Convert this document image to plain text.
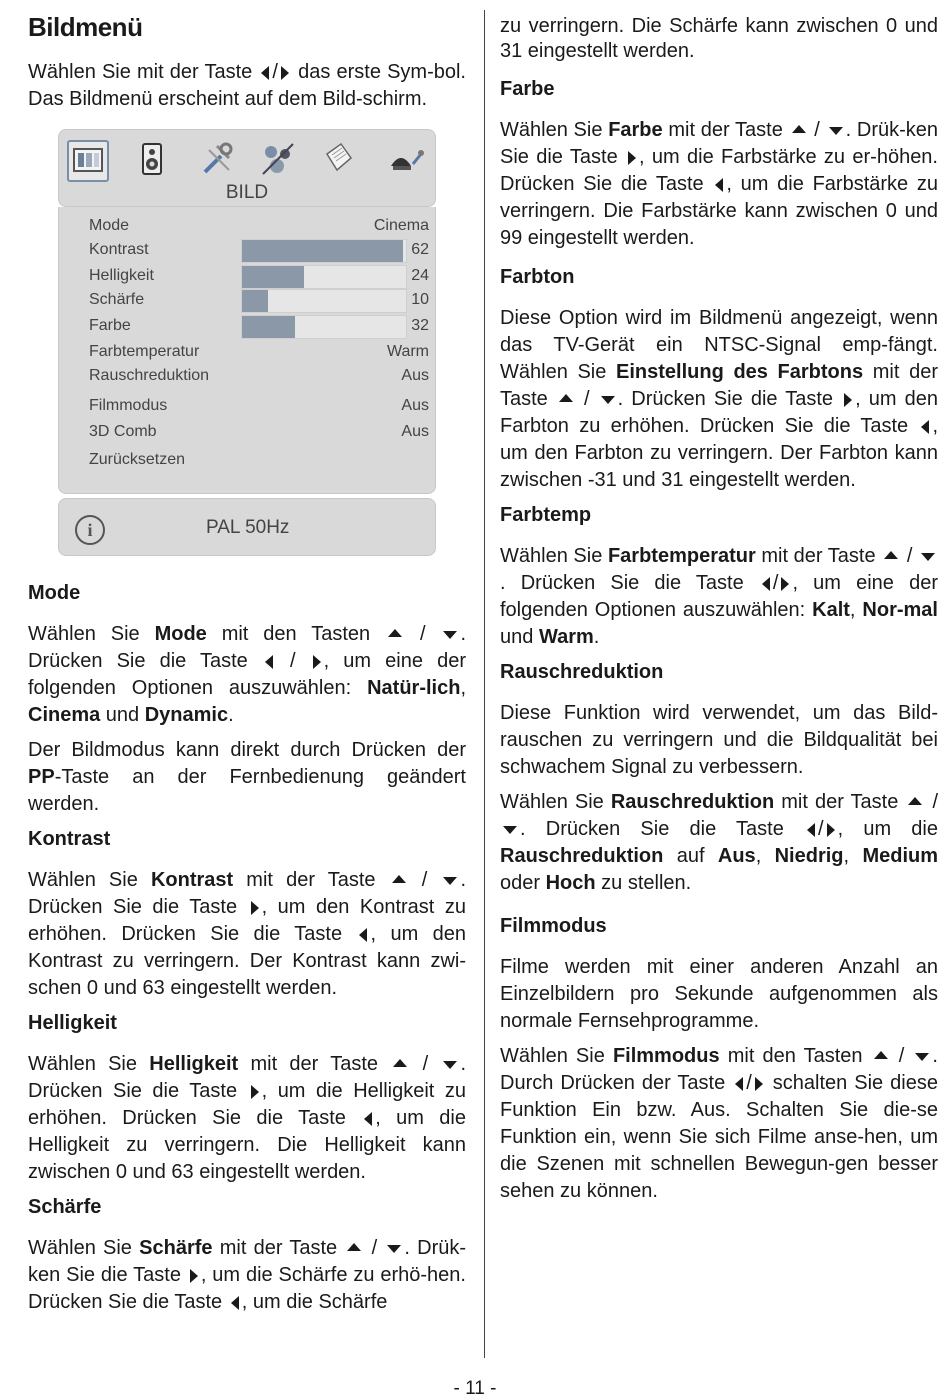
Bildmenü

Wählen Sie mit der Taste / das erste Sym-bol. Das Bildmenü erscheint auf dem Bild-schirm.

BILD
Mode	Cinema
Kontrast	62
Helligkeit	24
Schärfe	10
Farbe	32
Farbtemperatur	Warm
Rauschreduktion	Aus
Filmmodus	Aus
3D Comb	Aus
Zurücksetzen
i	PAL 50Hz
Mode

Wählen Sie Mode mit den Tasten  / . Drücken Sie die Taste  / , um eine der folgenden Optionen auszuwählen: Natür-lich, Cinema und Dynamic.

Der Bildmodus kann direkt durch Drücken der PP-Taste an der Fernbedienung geändert werden.

Kontrast

Wählen Sie Kontrast mit der Taste  / . Drücken Sie die Taste , um den Kontrast zu erhöhen. Drücken Sie die Taste , um den Kontrast zu verringern. Der Kontrast kann zwi-schen 0 und 63 eingestellt werden.

Helligkeit

Wählen Sie Helligkeit mit der Taste  / . Drücken Sie die Taste , um die Helligkeit zu erhöhen. Drücken Sie die Taste , um die Helligkeit zu verringern. Die Helligkeit kann zwischen 0 und 63 eingestellt werden.

Schärfe

Wählen Sie Schärfe mit der Taste  / . Drük-ken Sie die Taste , um die Schärfe zu erhö-hen. Drücken Sie die Taste , um die Schärfe

zu verringern. Die Schärfe kann zwischen 0 und 31 eingestellt werden.

Farbe

Wählen Sie Farbe mit der Taste  / . Drük-ken Sie die Taste , um die Farbstärke zu er-höhen. Drücken Sie die Taste , um die Farbstärke zu verringern. Die Farbstärke kann zwischen 0 und 99 eingestellt werden.

Farbton

Diese Option wird im Bildmenü angezeigt, wenn das TV-Gerät ein NTSC-Signal emp-fängt. Wählen Sie Einstellung des Farbtons mit der Taste  / . Drücken Sie die Taste , um den Farbton zu erhöhen. Drücken Sie die Taste , um den Farbton zu verringern. Der Farbton kann zwischen -31 und 31 eingestellt werden.

Farbtemp

Wählen Sie Farbtemperatur mit der Taste  / . Drücken Sie die Taste / , um eine der folgenden Optionen auszuwählen: Kalt, Nor-mal und Warm.

Rauschreduktion

Diese Funktion wird verwendet, um das Bild-rauschen zu verringern und die Bildqualität bei schwachem Signal zu verbessern.

Wählen Sie Rauschreduktion mit der Taste  / . Drücken Sie die Taste / , um die Rauschreduktion auf Aus, Niedrig, Medium oder Hoch zu stellen.

Filmmodus

Filme werden mit einer anderen Anzahl an Einzelbildern pro Sekunde aufgenommen als normale Fernsehprogramme.

Wählen Sie Filmmodus mit den Tasten  / . Durch Drücken der Taste / schalten Sie diese Funktion Ein bzw. Aus. Schalten Sie die-se Funktion ein, wenn Sie sich Filme anse-hen, um die Szenen mit schnellen Bewegun-gen besser sehen zu können.

- 11 -
